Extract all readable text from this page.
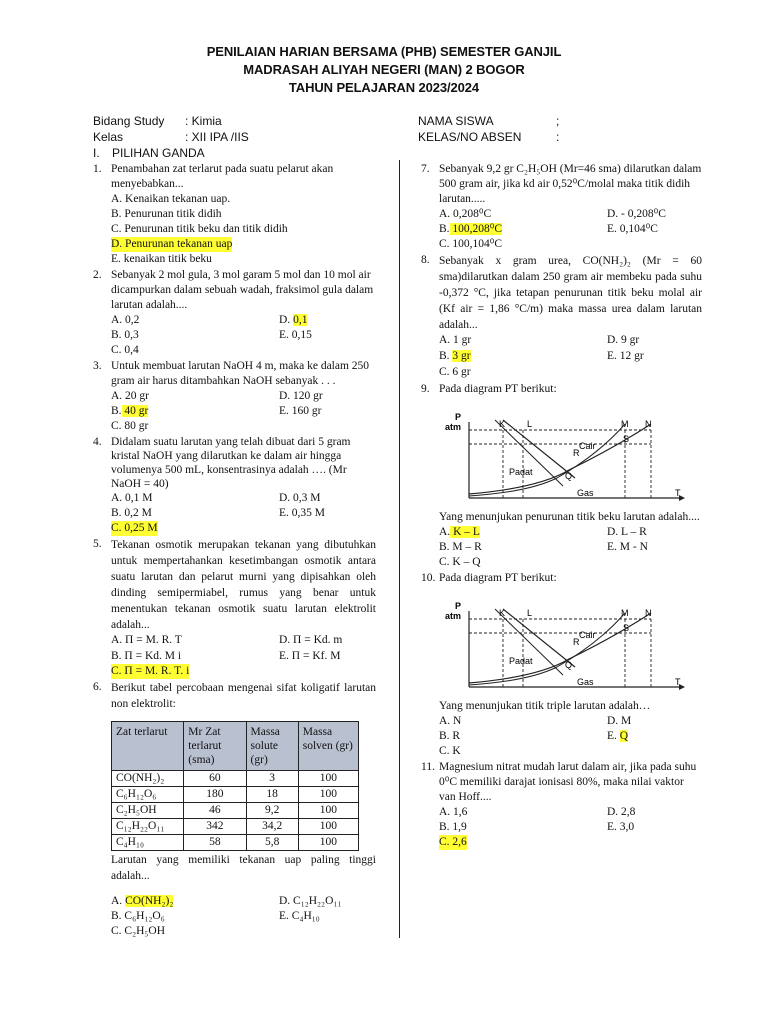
PENILAIAN HARIAN BERSAMA (PHB) SEMESTER GANJIL
MADRASAH ALIYAH NEGERI (MAN) 2 BOGOR
TAHUN PELAJARAN 2023/2024
Bidang Study : Kimia
Kelas	: XII IPA /IIS
NAMA SISWA	;
KELAS/NO ABSEN	:
I. PILIHAN GANDA
1. Penambahan zat terlarut pada suatu pelarut akan menyebabkan...
A. Kenaikan tekanan uap.
B. Penurunan titik didih
C. Penurunan titik beku dan titik didih
D. Penurunan tekanan uap
E. kenaikan titik beku
2. Sebanyak 2 mol gula, 3 mol garam 5 mol dan 10 mol air dicampurkan dalam sebuah wadah, fraksimol gula dalam larutan adalah....
A. 0,2	D. 0,1
B. 0,3	E. 0,15
C. 0,4
3. Untuk membuat larutan NaOH 4 m, maka ke dalam 250 gram air harus ditambahkan NaOH sebanyak . . .
A. 20 gr	D. 120 gr
B. 40 gr	E. 160 gr
C. 80 gr
4. Didalam suatu larutan yang telah dibuat dari 5 gram kristal NaOH yang dilarutkan ke dalam air hingga volumenya 500 mL, konsentrasinya adalah …. (Mr NaOH = 40)
A. 0,1 M	D. 0,3 M
B. 0,2 M	E. 0,35 M
C. 0,25 M
5. Tekanan osmotik merupakan tekanan yang dibutuhkan untuk mempertahankan kesetimbangan osmotik antara suatu larutan dan pelarut murni yang dipisahkan oleh dinding semipermiabel, rumus yang benar untuk menentukan tekanan osmotik suatu larutan elektrolit adalah...
A. Π = M. R. T	D. Π = Kd. m
B. Π = Kd. M i	E. Π = Kf. M
C. Π = M. R. T. i
6. Berikut tabel percobaan mengenai sifat koligatif larutan non elektrolit:
Zat terlarut	Mr Zat terlarut (sma)	Massa solute (gr)	Massa solven (gr)
CO(NH₂)₂	60	3	100
C₆H₁₂O₆	180	18	100
C₂H₅OH	46	9,2	100
C₁₂H₂₂O₁₁	342	34,2	100
C₄H₁₀	58	5,8	100
Larutan yang memiliki tekanan uap paling tinggi adalah...
A. CO(NH₂)₂	D. C₁₂H₂₂O₁₁
B. C₆H₁₂O₆	E. C₄H₁₀
C. C₂H₅OH
7. Sebanyak 9,2 gr C₂H₅OH (Mr=46 sma) dilarutkan dalam 500 gram air, jika kd air 0,52⁰C/molal maka titik didih larutan.....
A. 0,208⁰C	D. - 0,208⁰C
B. 100,208⁰C	E. 0,104⁰C
C. 100,104⁰C
8. Sebanyak x gram urea, CO(NH₂)₂ (Mr = 60 sma)dilarutkan dalam 250 gram air membeku pada suhu -0,372 °C, jika tetapan penurunan titik beku molal air (Kf air = 1,86 °C/m) maka massa urea dalam larutan adalah...
A. 1 gr	D. 9 gr
B. 3 gr	E. 12 gr
C. 6 gr
9. Pada diagram PT berikut:
P
atm	K L	M N
S
R
Q
T
Cair
Padat
Gas
Yang menunjukan penurunan titik beku larutan adalah....
A. K – L	D. L – R
B. M – R	E. M - N
C. K – Q
10. Pada diagram PT berikut:
P
atm	K L	M N
S
R
Q
T
Cair
Padat
Gas
Yang menunjukan titik triple larutan adalah…
A. N	D. M
B. R	E. Q
C. K
11. Magnesium nitrat mudah larut dalam air, jika pada suhu 0⁰C memiliki darajat ionisasi 80%, maka nilai vaktor van Hoff....
A. 1,6	D. 2,8
B. 1,9	E. 3,0
C. 2,6
